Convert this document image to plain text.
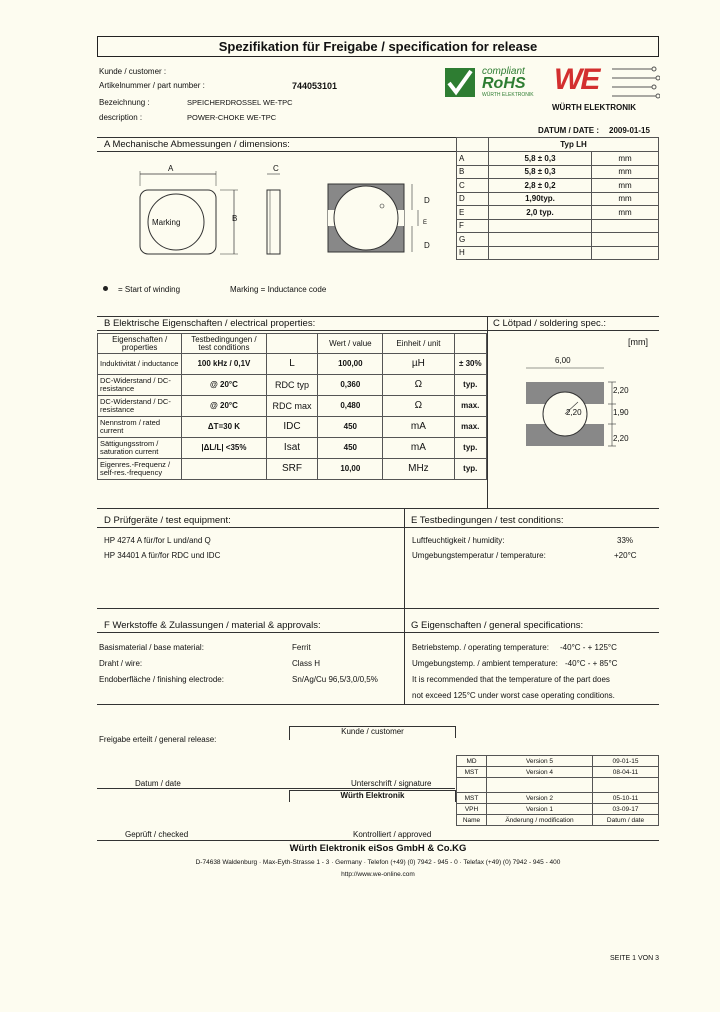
Spezifikation für Freigabe / specification for release
Kunde / customer :
Artikelnummer / part number :	744053101
Bezeichnung :	SPEICHERDROSSEL WE-TPC
description :	POWER-CHOKE WE-TPC
compliant
RoHS
WÜRTH ELEKTRONIK WE
WÜRTH ELEKTRONIK
DATUM / DATE : 2009-01-15
A Mechanische Abmessungen / dimensions:
A
B
Marking
C
D
D
E
	Typ LH	
A	5,8 ± 0,3	mm
B	5,8 ± 0,3	mm
C	2,8 ± 0,2	mm
D	1,90typ.	mm
E	2,0 typ.	mm
F		
G		
H		
= Start of winding	Marking = Inductance code
B Elektrische Eigenschaften / electrical properties:	C Lötpad / soldering spec.:
Eigenschaften / properties	Testbedingungen / test conditions		Wert / value	Einheit / unit	
Induktivität / inductance	100 kHz / 0,1V	L	100,00	µH	± 30%
DC-Widerstand / DC-resistance	@ 20°C	RDC typ	0,360	Ω	typ.
DC-Widerstand / DC-resistance	@ 20°C	RDC max	0,480	Ω	max.
Nennstrom / rated current	ΔT=30 K	IDC	450	mA	max.
Sättigungsstrom / saturation current	|ΔL/L| <35%	Isat	450	mA	typ.
Eigenres.-Frequenz / self-res.-frequency		SRF	10,00	MHz	typ.
[mm]
6,00
2,20
2,20	1,90
2,20
D Prüfgeräte / test equipment:	E Testbedingungen / test conditions:
HP 4274 A für/for L und/and Q
HP 34401 A für/for RDC und IDC
Luftfeuchtigkeit / humidity:	33%
Umgebungstemperatur / temperature:	+20°C
F Werkstoffe & Zulassungen / material & approvals:	G Eigenschaften / general specifications:
Basismaterial / base material:	Ferrit
Draht / wire:	Class H
Endoberfläche / finishing electrode:	Sn/Ag/Cu 96,5/3,0/0,5%
Betriebstemp. / operating temperature: -40°C - + 125°C
Umgebungstemp. / ambient temperature: -40°C - + 85°C
It is recommended that the temperature of the part does
not exceed 125°C under worst case operating conditions.
Freigabe erteilt / general release:
Kunde / customer
Datum / date	Unterschrift / signature
Würth Elektronik
Geprüft / checked	Kontrolliert / approved
MD	Version 5	09-01-15
MST	Version 4	08-04-11

MST	Version 2	05-10-11
VPH	Version 1	03-09-17
Name	Änderung / modification	Datum / date
Würth Elektronik eiSos GmbH & Co.KG
D-74638 Waldenburg · Max-Eyth-Strasse 1 - 3 · Germany · Telefon (+49) (0) 7942 - 945 - 0 · Telefax (+49) (0) 7942 - 945 - 400
http://www.we-online.com
SEITE 1 VON 3
